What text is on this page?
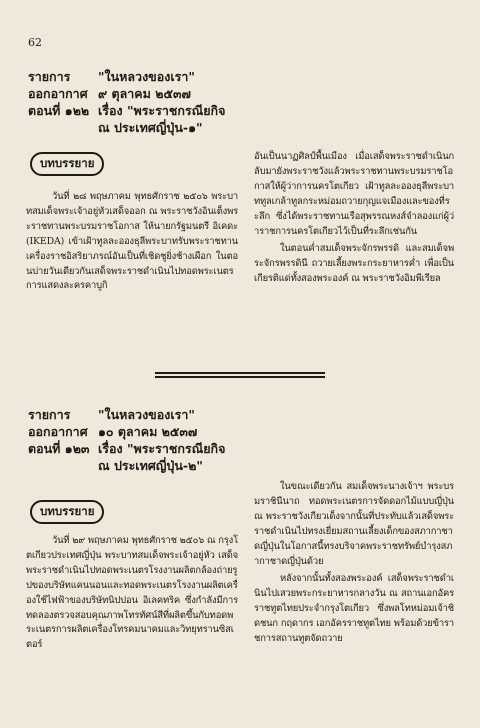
62
รายการ	"ในหลวงของเรา"
ออกอากาศ ๙ ตุลาคม ๒๕๓๗
ตอนที่ ๑๒๒ เรื่อง "พระราชกรณียกิจ
ณ ประเทศญี่ปุ่น-๑"
บทบรรยาย

วันที่ ๒๘ พฤษภาคม พุทธศักราช ๒๕๐๖ พระบาทสมเด็จพระเจ้าอยู่หัวเสด็จออก ณ พระราชวังอินเต็งพระราชทานพระบรมราชโอกาส ให้นายกรัฐมนตรี อิเคดะ (IKEDA) เข้าเฝ้าทูลละอองธุลีพระบาทรับพระราชทานเครื่องราชอิสริยาภรณ์อันเป็นที่เชิดชูยิ่งช้างเผือก ในตอนบ่ายวันเดียวกันเสด็จพระราชดำเนินไปทอดพระเนตรการแสดงละครคาบูกิ

อันเป็นนาฏศิลป์พื้นเมือง เมื่อเสด็จพระราชดำเนินกลับมายังพระราชวังแล้วพระราชทานพระบรมราชโอกาสให้ผู้ว่าการนครโตเกียว เฝ้าทูลละอองธุลีพระบาททูลเกล้าทูลกระหม่อมถวายกุญแจเมืองและของที่ระลึก ซึ่งได้พระราชทานเรือสุพรรณหงส์จำลองแก่ผู้ว่าราชการนครโตเกียวไว้เป็นที่ระลึกเช่นกัน

ในตอนค่ำสมเด็จพระจักรพรรดิ และสมเด็จพระจักรพรรดินี ถวายเลี้ยงพระกระยาหารค่ำ เพื่อเป็นเกียรติแด่ทั้งสองพระองค์ ณ พระราชวังอิมพีเรียล

รายการ	"ในหลวงของเรา"
ออกอากาศ ๑๐ ตุลาคม ๒๕๓๗
ตอนที่ ๑๒๓ เรื่อง "พระราชกรณียกิจ
ณ ประเทศญี่ปุ่น-๒"
บทบรรยาย

วันที่ ๒๙ พฤษภาคม พุทธศักราช ๒๕๐๖ ณ กรุงโตเกียวประเทศญี่ปุ่น พระบาทสมเด็จพระเจ้าอยู่หัว เสด็จพระราชดำเนินไปทอดพระเนตรโรงงานผลิตกล้องถ่ายรูปของบริษัทแคนนอนและทอดพระเนตรโรงงานผลิตเครื่องใช้ไฟฟ้าของบริษัทนิปปอน อิเลคทริค ซึ่งกำลังมีการทดลองตรวจสอบคุณภาพโทรทัศน์สีที่ผลิตขึ้นกับทอดพระเนตรการผลิตเครื่องโทรคมนาคมและวิทยุทรานซิสเตอร์

ในขณะเดียวกัน สมเด็จพระนางเจ้าฯ พระบรมราชินีนาถ ทอดพระเนตรการจัดดอกไม้แบบญี่ปุ่น ณ พระราชวังเกียวเด็งจากนั้นที่ประทับแล้วเสด็จพระราชดำเนินไปทรงเยี่ยมสถานเลี้ยงเด็กของสภากาชาดญี่ปุ่นในโอกาสนี้ทรงบริจาคพระราชทรัพย์บำรุงสภากาชาดญี่ปุ่นด้วย

หลังจากนั้นทั้งสองพระองค์ เสด็จพระราชดำเนินไปเสวยพระกระยาหารกลางวัน ณ สถานเอกอัครราชทูตไทยประจำกรุงโตเกียว ซึ่งพลโทหม่อมเจ้าชิดชนก กฤดากร เอกอัครราชทูตไทย พร้อมด้วยข้าราชการสถานทูตจัดถวาย
